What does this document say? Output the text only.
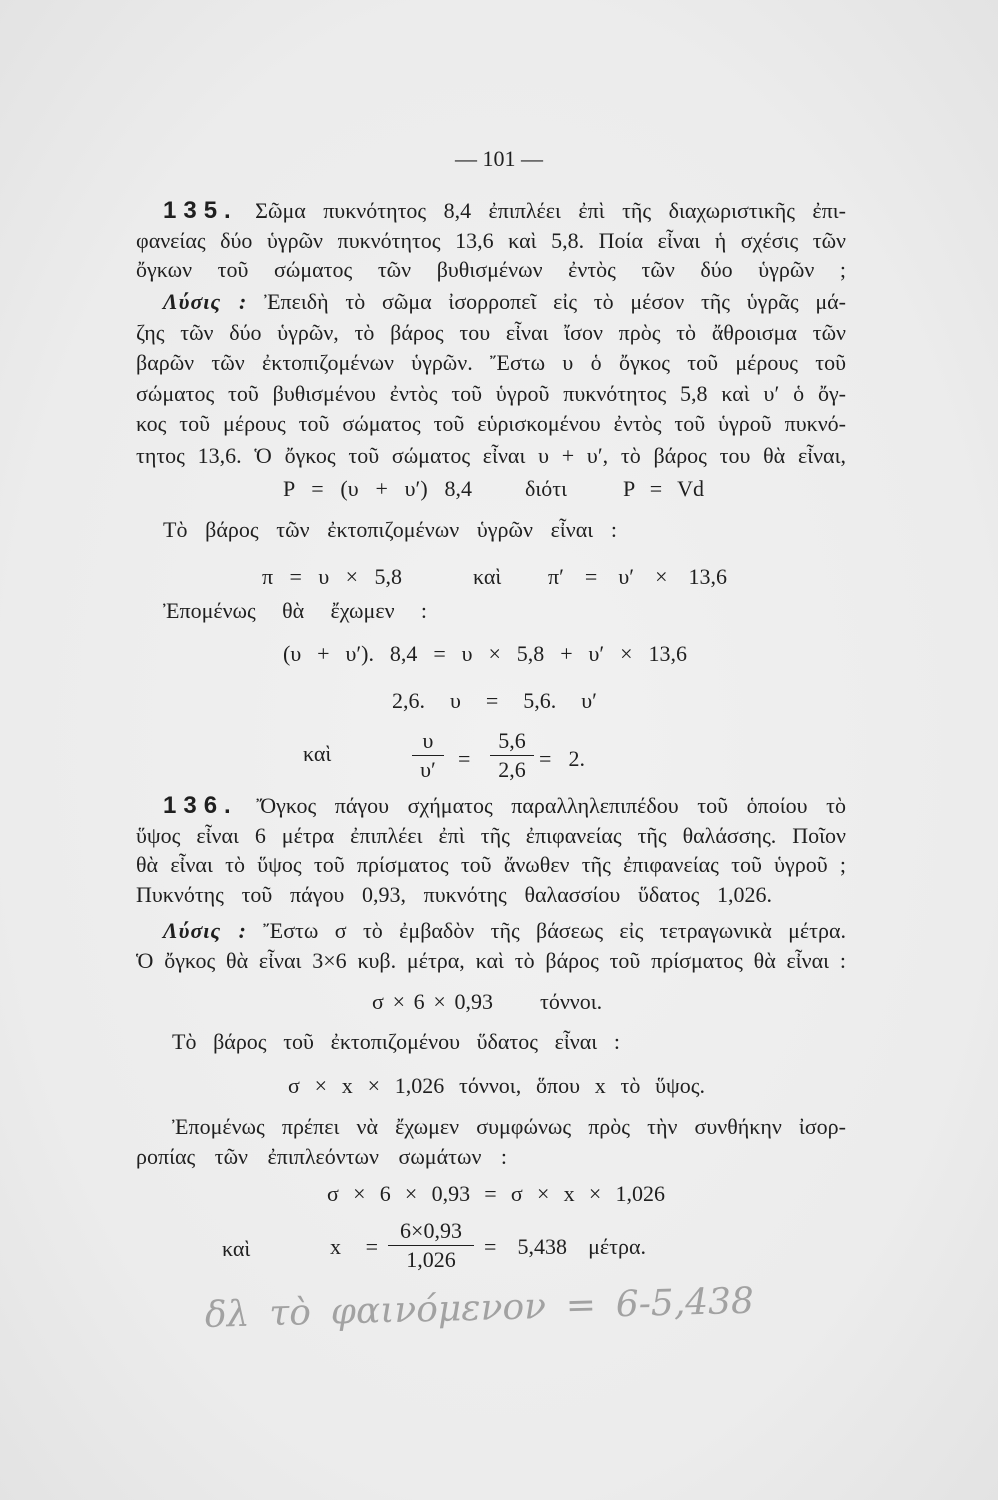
— 101 —
135. Σῶμα πυκνότητος 8,4 ἐπιπλέει ἐπὶ τῆς διαχωριστικῆς ἐπι-
φανείας δύο ὑγρῶν πυκνότητος 13,6 καὶ 5,8. Ποία εἶναι ἡ σχέσις τῶν
ὄγκων τοῦ σώματος τῶν βυθισμένων ἐντὸς τῶν δύο ὑγρῶν ;
Λύσις : Ἐπειδὴ τὸ σῶμα ἰσορροπεῖ εἰς τὸ μέσον τῆς ὑγρᾶς μά-
ζης τῶν δύο ὑγρῶν, τὸ βάρος του εἶναι ἴσον πρὸς τὸ ἄθροισμα τῶν
βαρῶν τῶν ἐκτοπιζομένων ὑγρῶν. Ἔστω υ ὁ ὄγκος τοῦ μέρους τοῦ
σώματος τοῦ βυθισμένου ἐντὸς τοῦ ὑγροῦ πυκνότητος 5,8 καὶ υ′ ὁ ὄγ-
κος τοῦ μέρους τοῦ σώματος τοῦ εὑρισκομένου ἐντὸς τοῦ ὑγροῦ πυκνό-
τητος 13,6. Ὁ ὄγκος τοῦ σώματος εἶναι υ + υ′, τὸ βάρος του θὰ εἶναι,
P = (υ + υ′) 8,4 διότι	P = Vd
Τὸ βάρος τῶν ἐκτοπιζομένων ὑγρῶν εἶναι :
π = υ × 5,8	καὶ π′ = υ′ × 13,6
Ἐπομένως θὰ ἔχωμεν :
(υ + υ′). 8,4 = υ × 5,8 + υ′ × 13,6
2,6. υ = 5,6. υ′
καὶ
υ
υ′ =
5,6
2,6 = 2.
136. Ὄγκος πάγου σχήματος παραλληλεπιπέδου τοῦ ὁποίου τὸ
ὕψος εἶναι 6 μέτρα ἐπιπλέει ἐπὶ τῆς ἐπιφανείας τῆς θαλάσσης. Ποῖον
θὰ εἶναι τὸ ὕψος τοῦ πρίσματος τοῦ ἄνωθεν τῆς ἐπιφανείας τοῦ ὑγροῦ ;
Πυκνότης τοῦ πάγου 0,93, πυκνότης θαλασσίου ὕδατος 1,026.
Λύσις : Ἔστω σ τὸ ἐμβαδὸν τῆς βάσεως εἰς τετραγωνικὰ μέτρα.
Ὁ ὄγκος θὰ εἶναι 3×6 κυβ. μέτρα, καὶ τὸ βάρος τοῦ πρίσματος θὰ εἶναι :
σ × 6 × 0,93 τόννοι.
Τὸ βάρος τοῦ ἐκτοπιζομένου ὕδατος εἶναι :
σ × x × 1,026 τόννοι, ὅπου x τὸ ὕψος.
Ἐπομένως πρέπει νὰ ἔχωμεν συμφώνως πρὸς τὴν συνθήκην ἰσορ-
ροπίας τῶν ἐπιπλεόντων σωμάτων :
σ × 6 × 0,93 = σ × x × 1,026
καὶ	x =
6×0,93
1,026
= 5,438 μέτρα.
δλ τὸ φαινόμενον = 6-5,438
